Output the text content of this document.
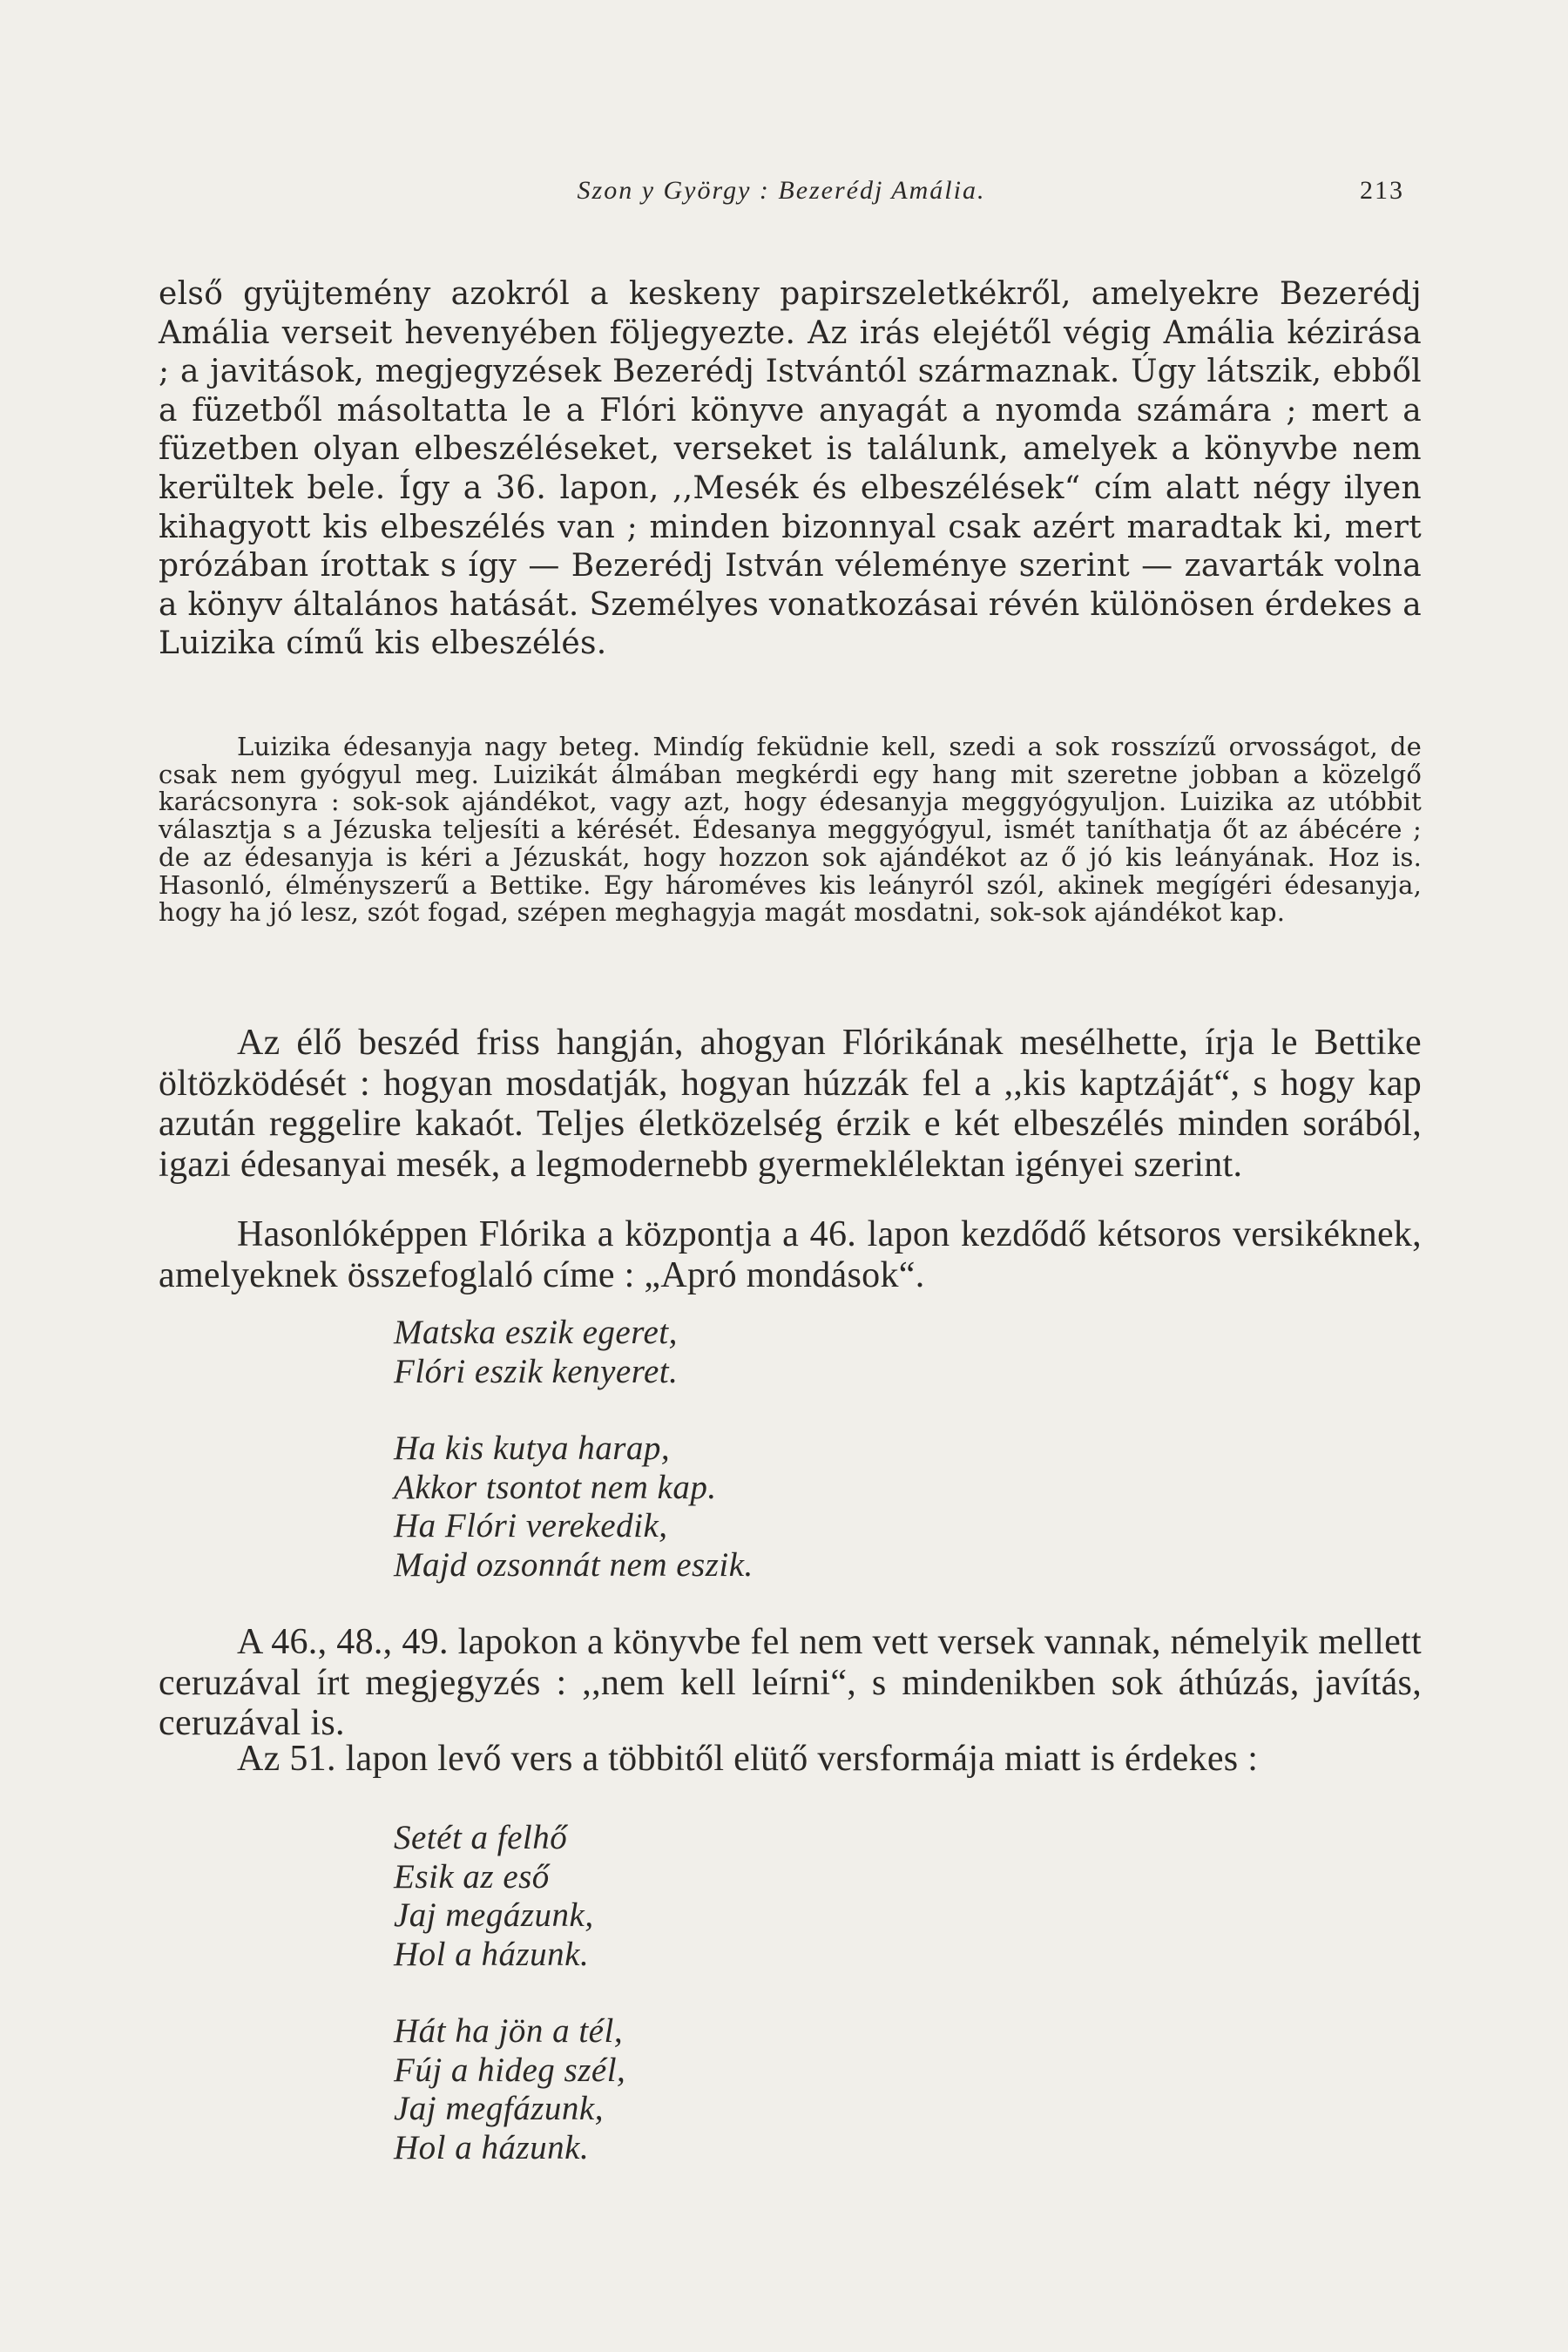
Szon y György : Bezerédj Amália.	213

első gyüjtemény azokról a keskeny papirszeletkékről, amelyekre Bezerédj Amália verseit hevenyében följegyezte. Az irás elejétől végig Amália kézirása ; a javitások, megjegyzések Bezerédj Istvántól származnak. Úgy látszik, ebből a füzetből másoltatta le a Flóri könyve anyagát a nyomda számára ; mert a füzetben olyan elbeszéléseket, verseket is találunk, amelyek a könyvbe nem kerültek bele. Így a 36. lapon, ,,Mesék és elbeszélések“ cím alatt négy ilyen kihagyott kis elbeszélés van ; minden bizonnyal csak azért maradtak ki, mert prózában írottak s így — Bezerédj István véleménye szerint — zavarták volna a könyv általános hatását. Személyes vonatkozásai révén különösen érdekes a Luizika című kis elbeszélés.

Luizika édesanyja nagy beteg. Mindíg feküdnie kell, szedi a sok rosszízű orvosságot, de csak nem gyógyul meg. Luizikát álmában megkérdi egy hang mit szeretne jobban a közelgő karácsonyra : sok-sok ajándékot, vagy azt, hogy édesanyja meggyógyuljon. Luizika az utóbbit választja s a Jézuska teljesíti a kérését. Édesanya meggyógyul, ismét taníthatja őt az ábécére ; de az édesanyja is kéri a Jézuskát, hogy hozzon sok ajándékot az ő jó kis leányának. Hoz is. Hasonló, élményszerű a Bettike. Egy hároméves kis leányról szól, akinek megígéri édesanyja, hogy ha jó lesz, szót fogad, szépen meghagyja magát mosdatni, sok-sok ajándékot kap.

Az élő beszéd friss hangján, ahogyan Flórikának mesélhette, írja le Bettike öltözködését : hogyan mosdatják, hogyan húzzák fel a ,,kis kaptzáját“, s hogy kap azután reggelire kakaót. Teljes életközelség érzik e két elbeszélés minden sorából, igazi édesanyai mesék, a legmodernebb gyermeklélektan igényei szerint.

Hasonlóképpen Flórika a központja a 46. lapon kezdődő kétsoros versikéknek, amelyeknek összefoglaló címe : „Apró mondások“.

Matska eszik egeret,
Flóri eszik kenyeret.
Ha kis kutya harap,
Akkor tsontot nem kap.
Ha Flóri verekedik,
Majd ozsonnát nem eszik.

A 46., 48., 49. lapokon a könyvbe fel nem vett versek vannak, némelyik mellett ceruzával írt megjegyzés : ,,nem kell leírni“, s mindenikben sok áthúzás, javítás, ceruzával is.

Az 51. lapon levő vers a többitől elütő versformája miatt is érdekes :

Setét a felhő
Esik az eső
Jaj megázunk,
Hol a házunk.
Hát ha jön a tél,
Fúj a hideg szél,
Jaj megfázunk,
Hol a házunk.
